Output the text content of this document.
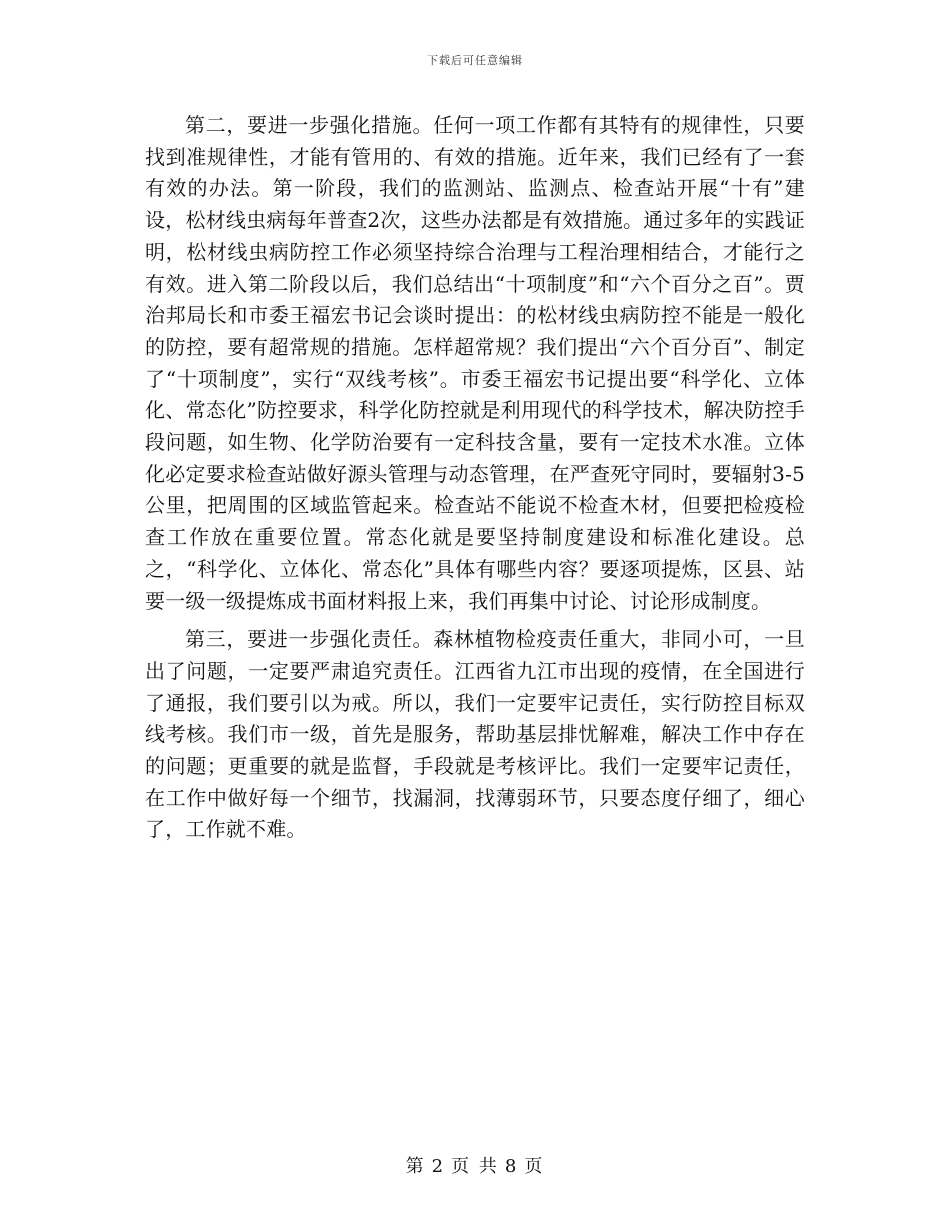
下载后可任意编辑

第二，要进一步强化措施。任何一项工作都有其特有的规律性，只要找到准规律性，才能有管用的、有效的措施。近年来，我们已经有了一套有效的办法。第一阶段，我们的监测站、监测点、检查站开展“十有”建设，松材线虫病每年普查2次，这些办法都是有效措施。通过多年的实践证明，松材线虫病防控工作必须坚持综合治理与工程治理相结合，才能行之有效。进入第二阶段以后，我们总结出“十项制度”和“六个百分之百”。贾治邦局长和市委王福宏书记会谈时提出：的松材线虫病防控不能是一般化的防控，要有超常规的措施。怎样超常规？我们提出“六个百分百”、制定了“十项制度”，实行“双线考核”。市委王福宏书记提出要“科学化、立体化、常态化”防控要求，科学化防控就是利用现代的科学技术，解决防控手段问题，如生物、化学防治要有一定科技含量，要有一定技术水准。立体化必定要求检查站做好源头管理与动态管理，在严查死守同时，要辐射3-5公里，把周围的区域监管起来。检查站不能说不检查木材，但要把检疫检查工作放在重要位置。常态化就是要坚持制度建设和标准化建设。总之，“科学化、立体化、常态化”具体有哪些内容？要逐项提炼，区县、站要一级一级提炼成书面材料报上来，我们再集中讨论、讨论形成制度。

第三，要进一步强化责任。森林植物检疫责任重大，非同小可，一旦出了问题，一定要严肃追究责任。江西省九江市出现的疫情，在全国进行了通报，我们要引以为戒。所以，我们一定要牢记责任，实行防控目标双线考核。我们市一级，首先是服务，帮助基层排忧解难，解决工作中存在的问题；更重要的就是监督，手段就是考核评比。我们一定要牢记责任，在工作中做好每一个细节，找漏洞，找薄弱环节，只要态度仔细了，细心了，工作就不难。

第 2 页 共 8 页
